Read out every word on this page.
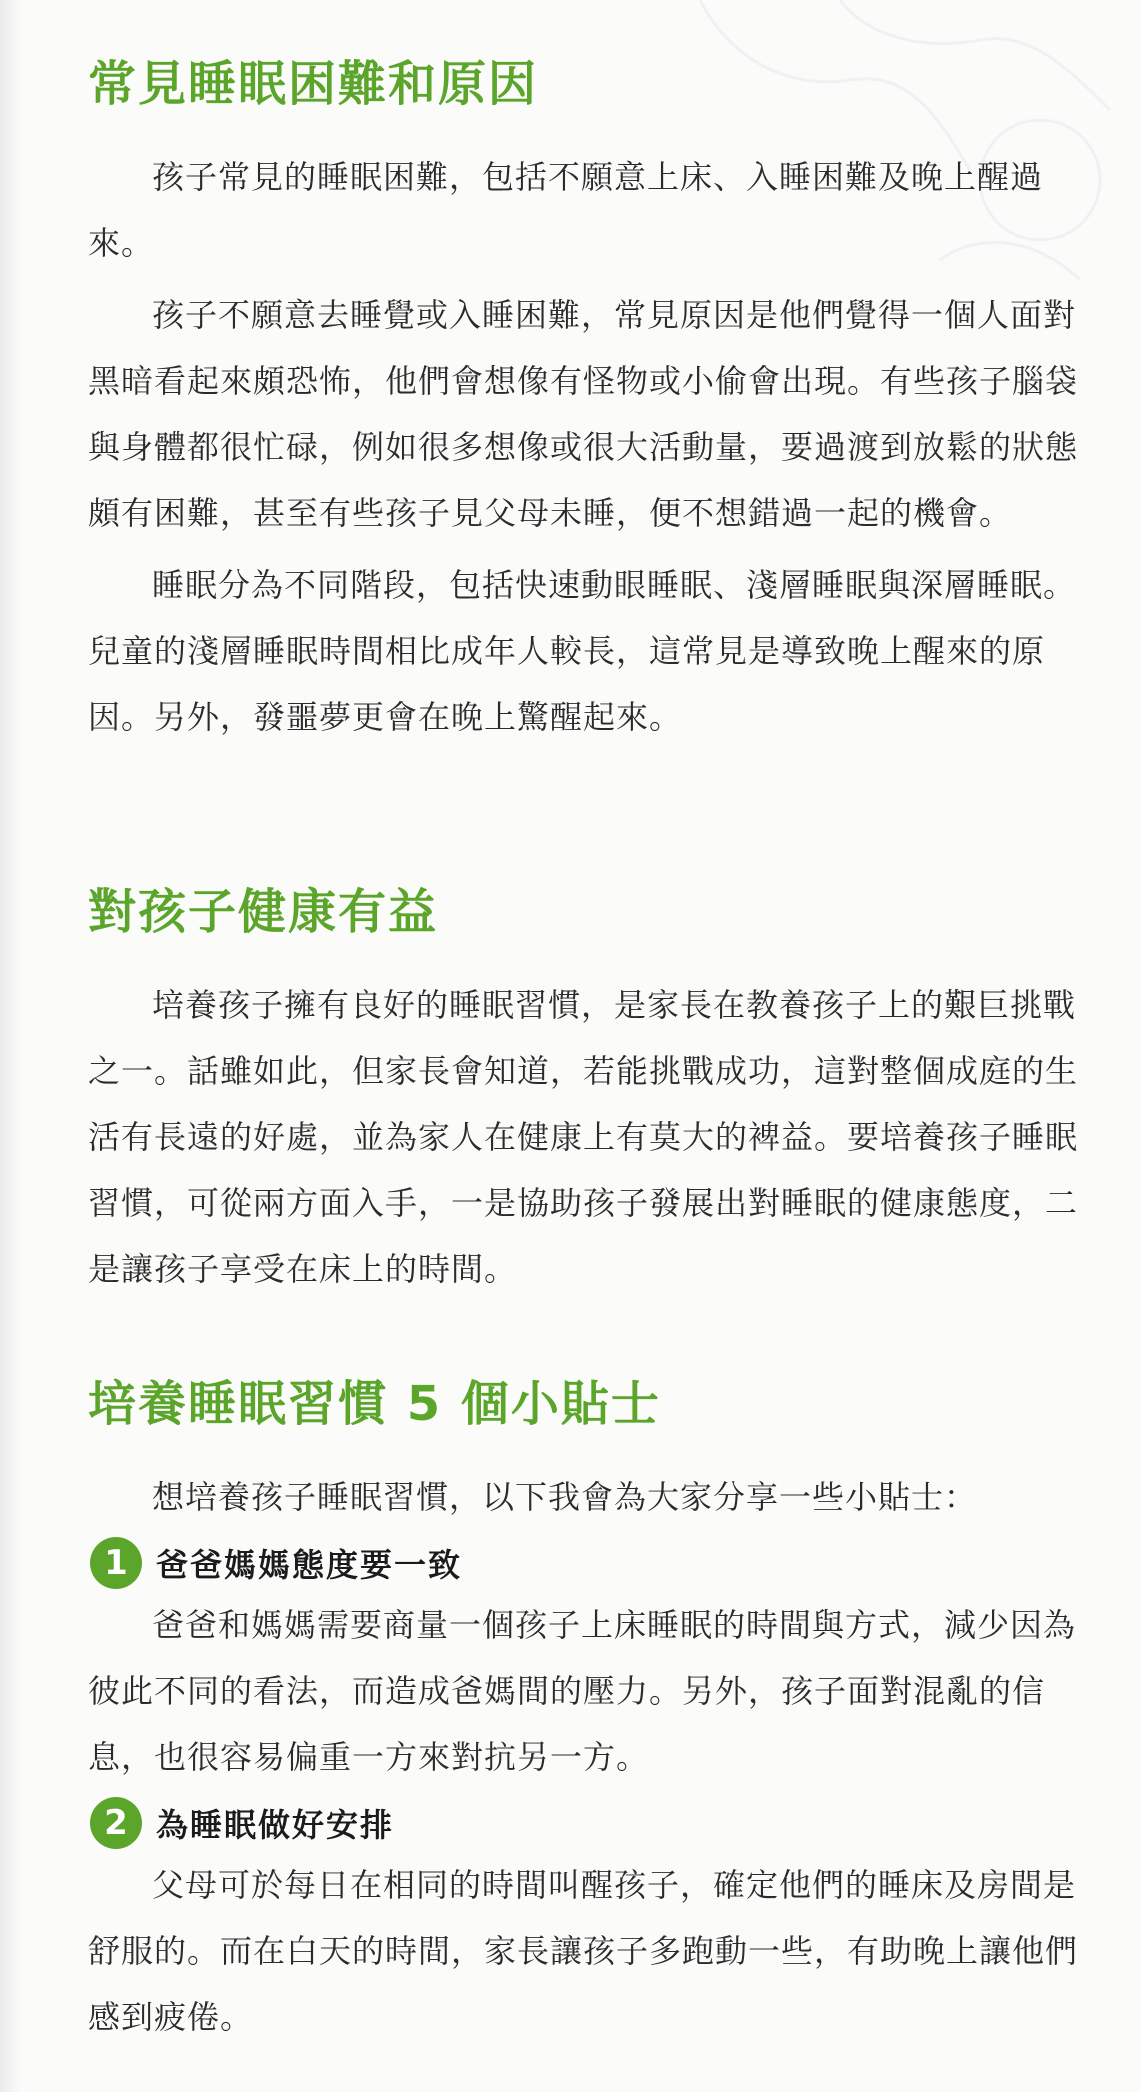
常見睡眠困難和原因

孩子常見的睡眠困難，包括不願意上床、入睡困難及晚上醒過來。

孩子不願意去睡覺或入睡困難，常見原因是他們覺得一個人面對黑暗看起來頗恐怖，他們會想像有怪物或小偷會出現。有些孩子腦袋與身體都很忙碌，例如很多想像或很大活動量，要過渡到放鬆的狀態頗有困難，甚至有些孩子見父母未睡，便不想錯過一起的機會。

睡眠分為不同階段，包括快速動眼睡眠、淺層睡眠與深層睡眠。兒童的淺層睡眠時間相比成年人較長，這常見是導致晚上醒來的原因。另外，發噩夢更會在晚上驚醒起來。

對孩子健康有益

培養孩子擁有良好的睡眠習慣，是家長在教養孩子上的艱巨挑戰之一。話雖如此，但家長會知道，若能挑戰成功，這對整個成庭的生活有長遠的好處，並為家人在健康上有莫大的裨益。要培養孩子睡眠習慣，可從兩方面入手，一是協助孩子發展出對睡眠的健康態度，二是讓孩子享受在床上的時間。

培養睡眠習慣 5 個小貼士

想培養孩子睡眠習慣，以下我會為大家分享一些小貼士：

1 爸爸媽媽態度要一致

爸爸和媽媽需要商量一個孩子上床睡眠的時間與方式，減少因為彼此不同的看法，而造成爸媽間的壓力。另外，孩子面對混亂的信息，也很容易偏重一方來對抗另一方。

2 為睡眠做好安排

父母可於每日在相同的時間叫醒孩子，確定他們的睡床及房間是舒服的。而在白天的時間，家長讓孩子多跑動一些，有助晚上讓他們感到疲倦。
